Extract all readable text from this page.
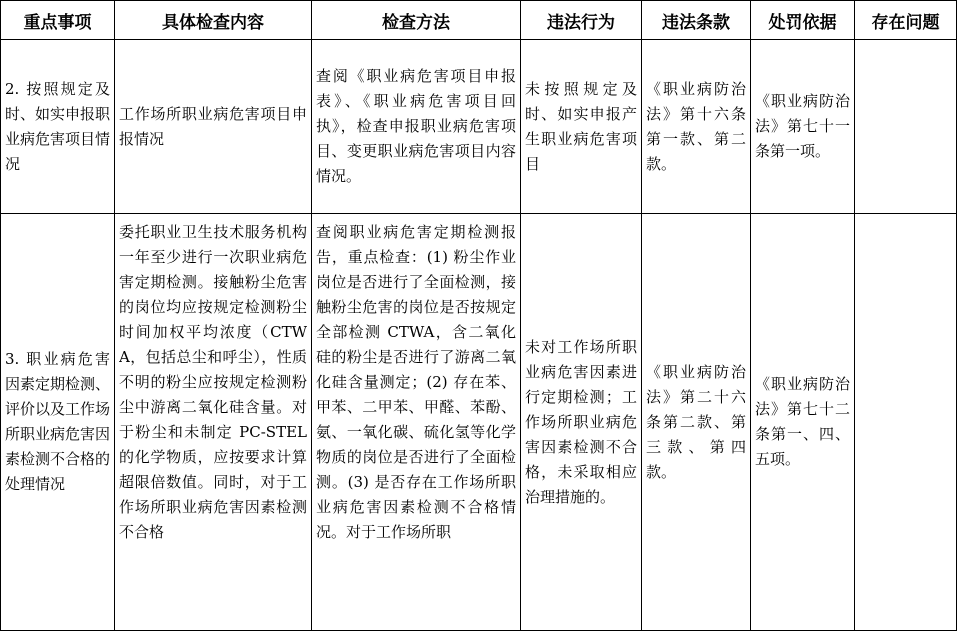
重点事项	具体检查内容	检查方法	违法行为	违法条款	处罚依据	存在问题

2. 按照规定及时、如实申报职业病危害项目情况	工作场所职业病危害项目申报情况	查阅《职业病危害项目申报表》、《职业病危害项目回执》，检查申报职业病危害项目、变更职业病危害项目内容情况。	未按照规定及时、如实申报产生职业病危害项目	《职业病防治法》第十六条第一款、第二款。	《职业病防治法》第七十一条第一项。	

3. 职业病危害因素定期检测、评价以及工作场所职业病危害因素检测不合格的处理情况	委托职业卫生技术服务机构一年至少进行一次职业病危害定期检测。接触粉尘危害的岗位均应按规定检测粉尘时间加权平均浓度（CTWA，包括总尘和呼尘），性质不明的粉尘应按规定检测粉尘中游离二氧化硅含量。对于粉尘和未制定 PC-STEL 的化学物质，应按要求计算超限倍数值。同时，对于工作场所职业病危害因素检测不合格	查阅职业病危害定期检测报告，重点检查：(1) 粉尘作业岗位是否进行了全面检测，接触粉尘危害的岗位是否按规定全部检测 CTWA，含二氧化硅的粉尘是否进行了游离二氧化硅含量测定；(2) 存在苯、甲苯、二甲苯、甲醛、苯酚、氨、一氧化碳、硫化氢等化学物质的岗位是否进行了全面检测。(3) 是否存在工作场所职业病危害因素检测不合格情况。对于工作场所职	未对工作场所职业病危害因素进行定期检测；工作场所职业病危害因素检测不合格，未采取相应治理措施的。	《职业病防治法》第二十六条第二款、第三款、第四款。	《职业病防治法》第七十二条第一、四、五项。	
